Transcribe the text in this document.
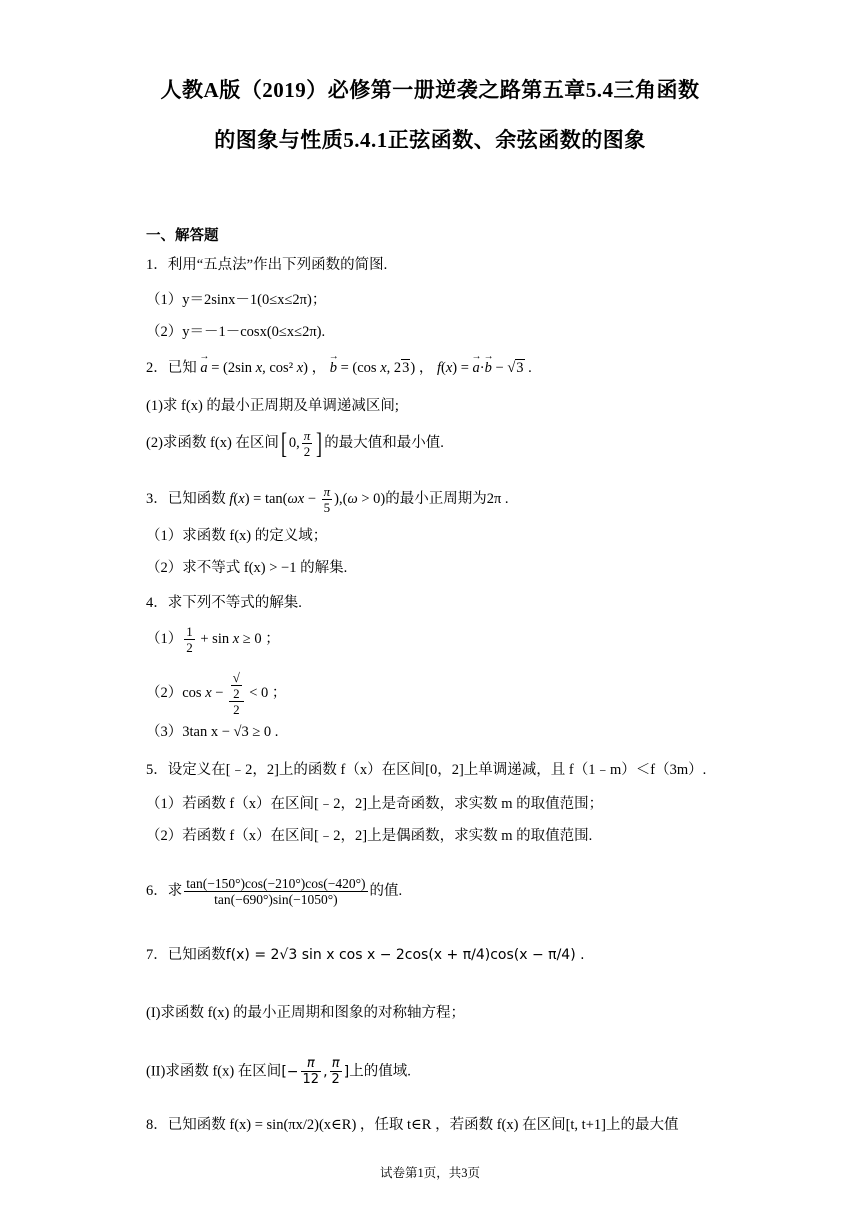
人教A版（2019）必修第一册逆袭之路第五章5.4三角函数
的图象与性质5.4.1正弦函数、余弦函数的图象
一、解答题
1．利用“五点法”作出下列函数的简图.
（1）y＝2sinx－1(0≤x≤2π)；
（2）y＝－1－cosx(0≤x≤2π).
2．已知 → a = (2sin x, cos² x) ， → b = (cos x, 23) ， f(x) = → a·→ b − √3 .
(1)求 f(x) 的最小正周期及单调递减区间;
(2)求函数 f(x) 在区间[ 0, $\frac{\pi}{2}$ ] 的最大值和最小值.
3．已知函数 $f(x) = \tan(\omega x - \frac{\pi}{5} ),(\omega > 0)$的最小正周期为2π .
（1）求函数 f(x) 的定义域；
（2）求不等式 f(x) > −1 的解集.
4．求下列不等式的解集.
$(1) \frac{1}{2} + \sin x \ge 0$ ；
（2）cos x − √
2
2 < 0 ；
（3）3tan x − √3 ≥ 0 .
5．设定义在[﹣2，2]上的函数 f（x）在区间[0，2]上单调递减，且 f（1﹣m）＜f（3m）.
（1）若函数 f（x）在区间[﹣2，2]上是奇函数，求实数 m 的取值范围；
（2）若函数 f（x）在区间[﹣2，2]上是偶函数，求实数 m 的取值范围.
6．求 $\frac{\tan(-150^\circ)\cos(-210^\circ)\cos(-420^\circ)}{\tan(-690^\circ)\sin(-1050^\circ)}$ 的值.
7．已知函数f(x) = 2√3 sin x cos x − 2cos(x + π/4)cos(x − π/4) .
(I)求函数 f(x) 的最小正周期和图象的对称轴方程；
(II)求函数 f(x) 在区间[− $\frac{\pi}{12}$ , $\frac{\pi}{2}$ ]上的值域.
8．已知函数 f(x) = sin(πx/2)(x∈R) ，任取 t∈R ，若函数 f(x) 在区间[t, t+1]上的最大值
试卷第1页，共3页
